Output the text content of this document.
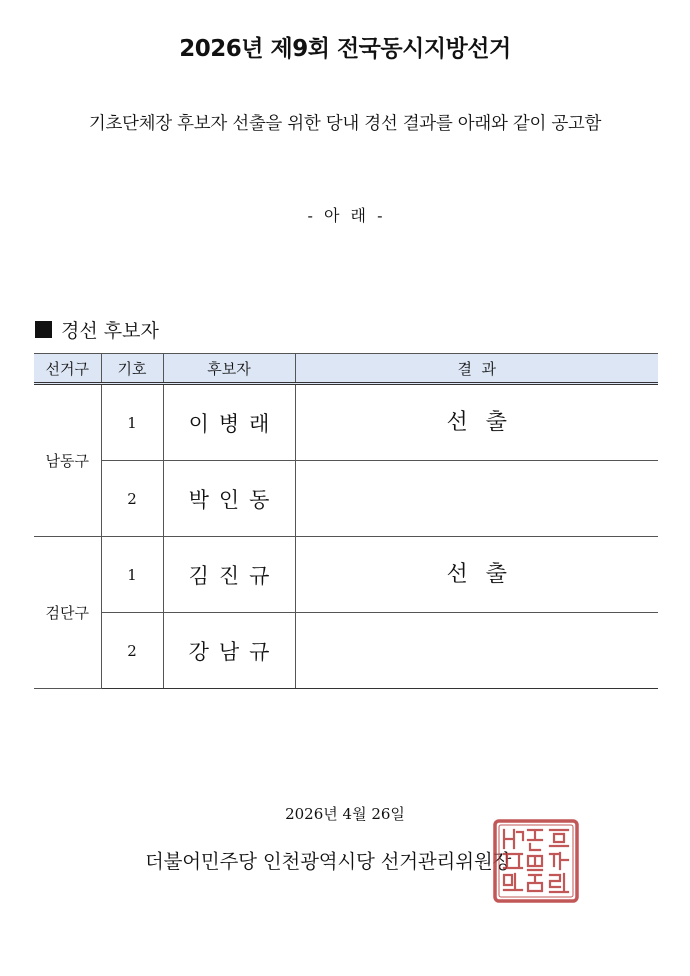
2026년 제9회 전국동시지방선거
기초단체장 후보자 선출을 위한 당내 경선 결과를 아래와 같이 공고함
- 아 래 -
경선 후보자
선거구	기호	후보자	결  과
남동구	1	이병래	선출

	2	박인동	

검단구	1	김진규	선출

	2	강남규	
2026년 4월 26일
더불어민주당 인천광역시당 선거관리위원장
